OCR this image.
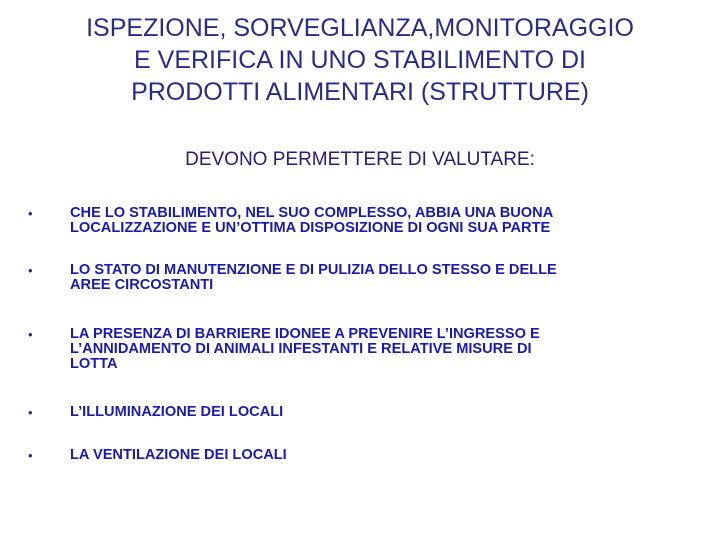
ISPEZIONE, SORVEGLIANZA,MONITORAGGIO
E VERIFICA IN UNO STABILIMENTO DI
PRODOTTI ALIMENTARI (STRUTTURE)
DEVONO PERMETTERE DI VALUTARE:
•	CHE LO STABILIMENTO, NEL SUO COMPLESSO, ABBIA UNA BUONA
LOCALIZZAZIONE E UN’OTTIMA DISPOSIZIONE DI OGNI SUA PARTE
•	LO STATO DI MANUTENZIONE E DI PULIZIA DELLO STESSO E DELLE
AREE CIRCOSTANTI
•	LA PRESENZA DI BARRIERE IDONEE A PREVENIRE L’INGRESSO E
L’ANNIDAMENTO DI ANIMALI INFESTANTI E RELATIVE MISURE DI
LOTTA
•	L’ILLUMINAZIONE DEI LOCALI
•	LA VENTILAZIONE DEI LOCALI
